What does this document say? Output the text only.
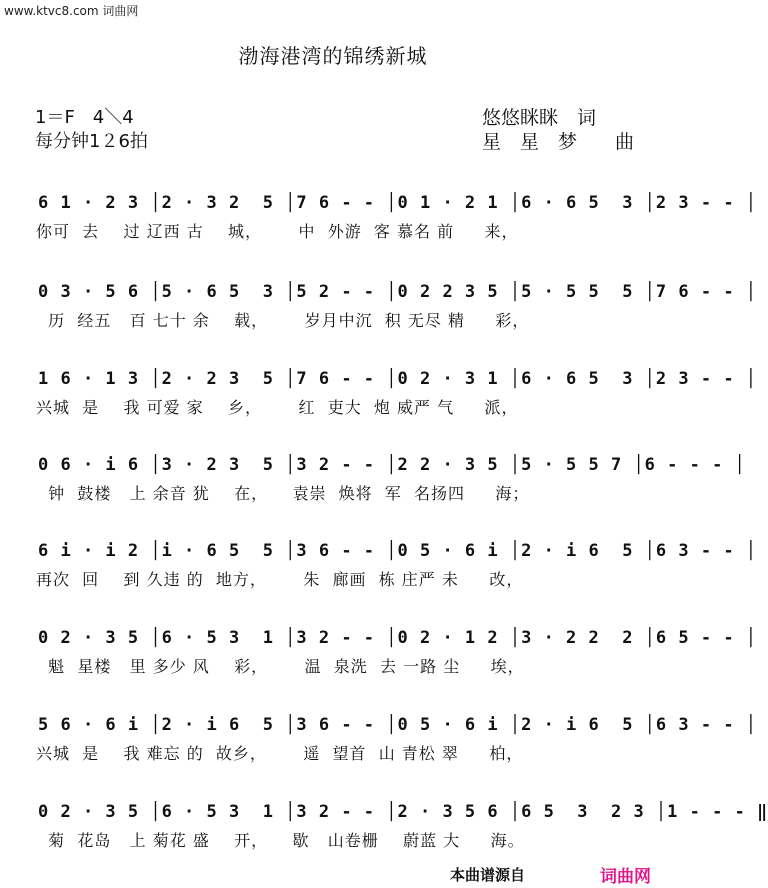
www.ktvc8.com 词曲网
渤海港湾的锦绣新城
1＝F　4＼4
每分钟1２6拍
悠悠眯眯　词
星　星　梦　　曲
6 1 · 2 3 │2 · 3 2  5 │7 6 - - │0 1 · 2 1 │6 · 6 5  3 │2 3 - - │
你可  去    过 辽西 古    城，      中  外游  客 慕名 前     来，
0 3 · 5 6 │5 · 6 5  3 │5 2 - - │0 2 2 3 5 │5 · 5 5  5 │7 6 - - │
历  经五   百 七十 余    载，      岁月中沉  积 无尽 精     彩，
1 6 · 1 3 │2 · 2 3  5 │7 6 - - │0 2 · 3 1 │6 · 6 5  3 │2 3 - - │
兴城  是    我 可爱 家    乡，      红  吏大  炮 威严 气     派，
0 6 · i 6 │3 · 2 3  5 │3 2 - - │2 2 · 3 5 │5 · 5 5 7 │6 - - - │
钟  鼓楼   上 余音 犹    在，    袁崇  焕将  军  名扬四     海；
6 i · i 2 │i · 6 5  5 │3 6 - - │0 5 · 6 i │2 · i 6  5 │6 3 - - │
再次  回    到 久违 的  地方，      朱  廊画  栋 庄严 未     改，
0 2 · 3 5 │6 · 5 3  1 │3 2 - - │0 2 · 1 2 │3 · 2 2  2 │6 5 - - │
魁  星楼   里 多少 风    彩，      温  泉洗  去 一路 尘     埃，
5 6 · 6 i │2 · i 6  5 │3 6 - - │0 5 · 6 i │2 · i 6  5 │6 3 - - │
兴城  是    我 难忘 的  故乡，      遥  望首  山 青松 翠     柏，
0 2 · 3 5 │6 · 5 3  1 │3 2 - - │2 · 3 5 6 │6 5  3  2 3 │1 - - - ‖
菊  花岛   上 菊花 盛    开，    歇   山卷栅    蔚蓝 大     海。
本曲谱源自	词曲网
